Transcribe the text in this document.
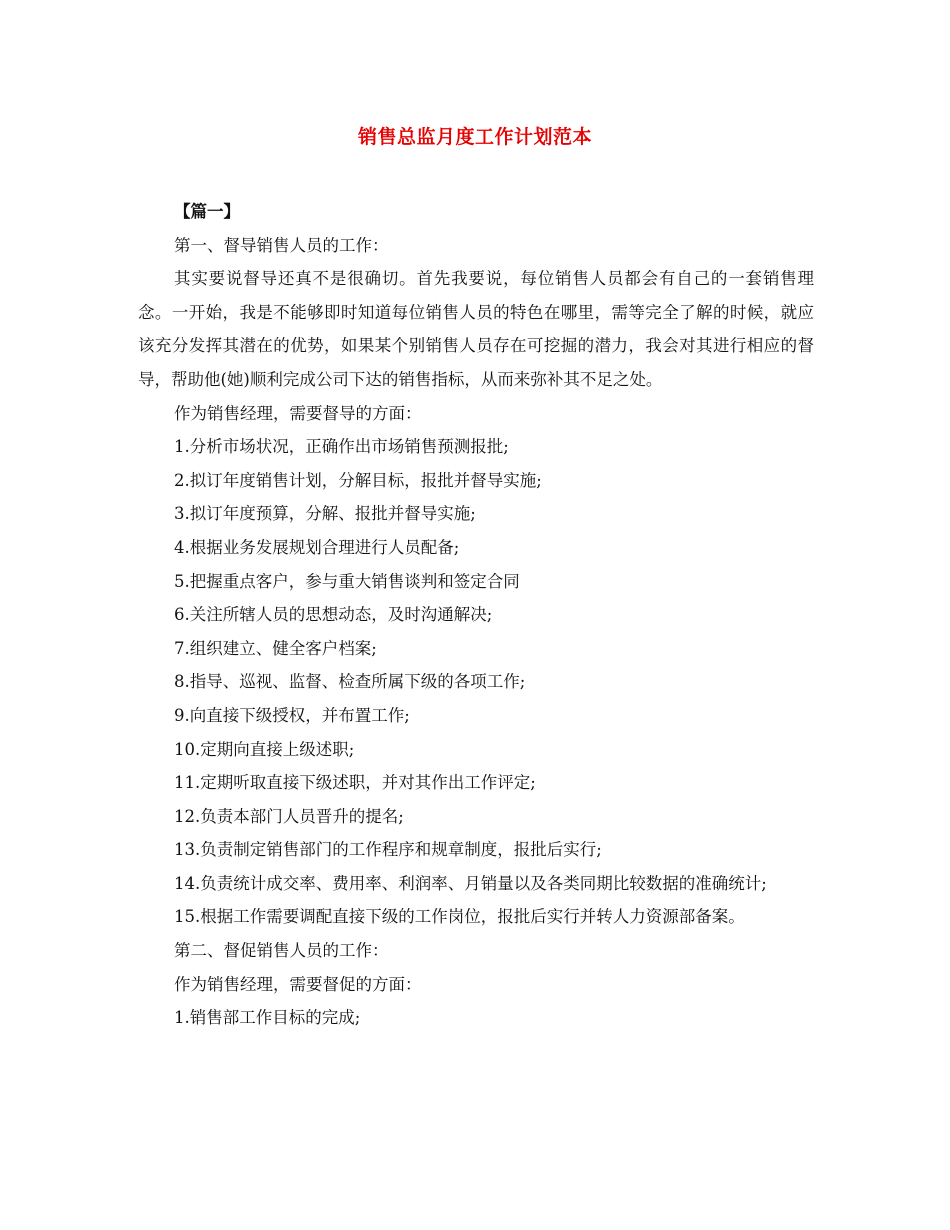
销售总监月度工作计划范本

【篇一】

第一、督导销售人员的工作：

其实要说督导还真不是很确切。首先我要说，每位销售人员都会有自己的一套销售理念。一开始，我是不能够即时知道每位销售人员的特色在哪里，需等完全了解的时候，就应该充分发挥其潜在的优势，如果某个别销售人员存在可挖掘的潜力，我会对其进行相应的督导，帮助他(她)顺利完成公司下达的销售指标，从而来弥补其不足之处。

作为销售经理，需要督导的方面：

1.分析市场状况，正确作出市场销售预测报批;

2.拟订年度销售计划，分解目标，报批并督导实施;

3.拟订年度预算，分解、报批并督导实施;

4.根据业务发展规划合理进行人员配备;

5.把握重点客户，参与重大销售谈判和签定合同

6.关注所辖人员的思想动态，及时沟通解决;

7.组织建立、健全客户档案;

8.指导、巡视、监督、检查所属下级的各项工作;

9.向直接下级授权，并布置工作;

10.定期向直接上级述职;

11.定期听取直接下级述职，并对其作出工作评定;

12.负责本部门人员晋升的提名;

13.负责制定销售部门的工作程序和规章制度，报批后实行;

14.负责统计成交率、费用率、利润率、月销量以及各类同期比较数据的准确统计;

15.根据工作需要调配直接下级的工作岗位，报批后实行并转人力资源部备案。

第二、督促销售人员的工作：

作为销售经理，需要督促的方面：

1.销售部工作目标的完成;
